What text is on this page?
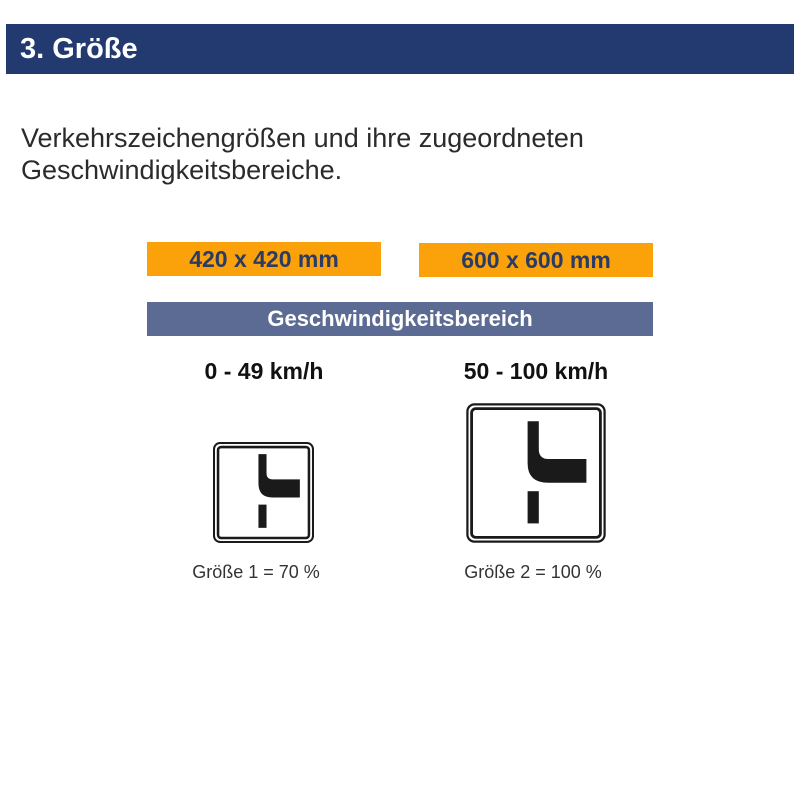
3. Größe
Verkehrszeichengrößen und ihre zugeordneten Geschwindigkeitsbereiche.
420 x 420 mm	600 x 600 mm
Geschwindigkeitsbereich
0 - 49 km/h	50 - 100 km/h
Größe 1 = 70 %	Größe 2 = 100 %
